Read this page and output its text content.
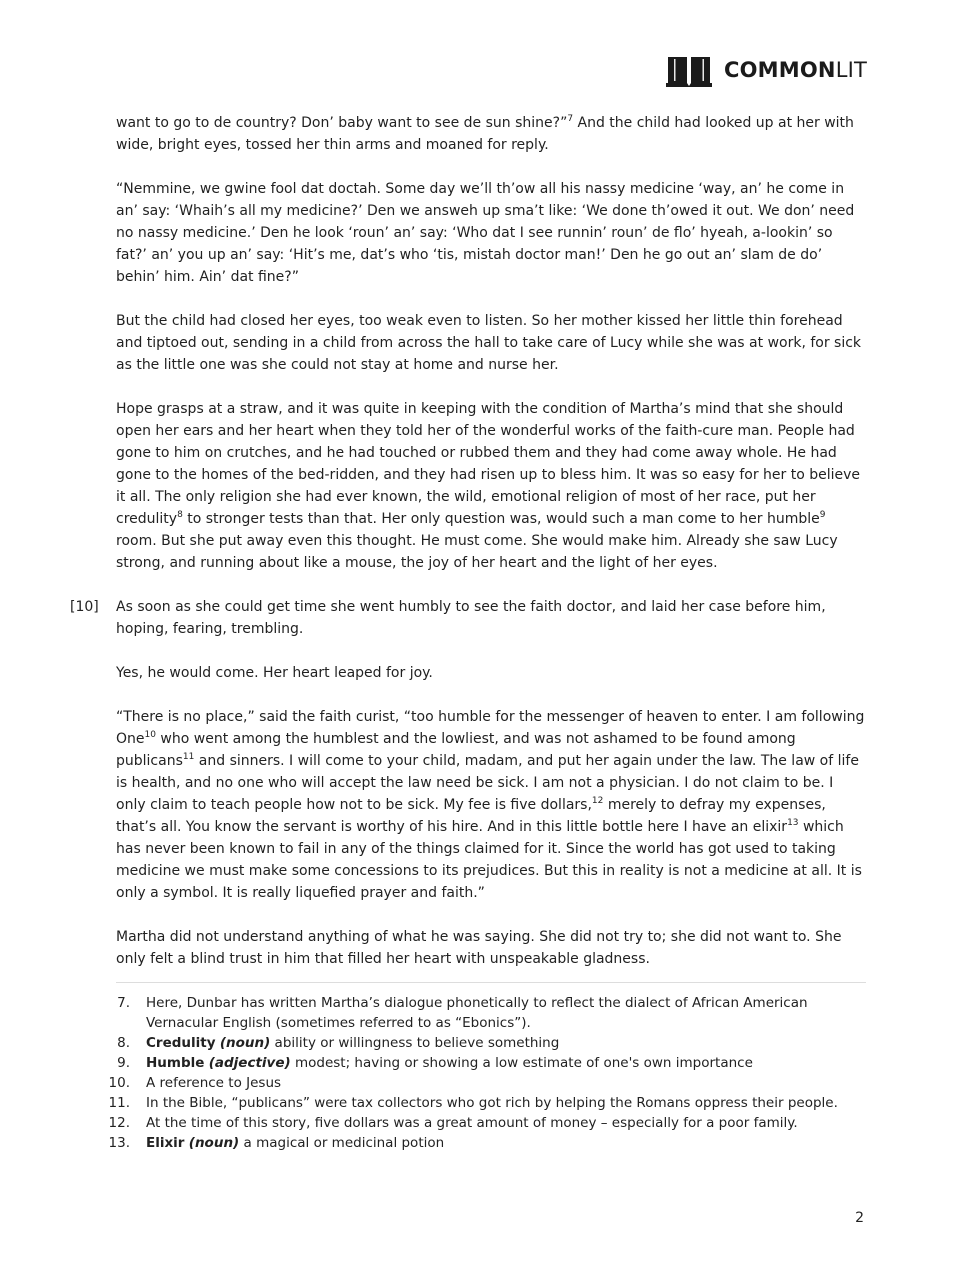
COMMONLIT

want to go to de country? Don’ baby want to see de sun shine?”$^7$ And the child had looked up at her with wide, bright eyes, tossed her thin arms and moaned for reply.

“Nemmine, we gwine fool dat doctah. Some day we’ll th’ow all his nassy medicine ‘way, an’ he come in an’ say: ‘Whaih’s all my medicine?’ Den we answeh up sma’t like: ‘We done th’owed it out. We don’ need no nassy medicine.’ Den he look ‘roun’ an’ say: ‘Who dat I see runnin’ roun’ de flo’ hyeah, a-lookin’ so fat?’ an’ you up an’ say: ‘Hit’s me, dat’s who ‘tis, mistah doctor man!’ Den he go out an’ slam de do’ behin’ him. Ain’ dat fine?”

But the child had closed her eyes, too weak even to listen. So her mother kissed her little thin forehead and tiptoed out, sending in a child from across the hall to take care of Lucy while she was at work, for sick as the little one was she could not stay at home and nurse her.

Hope grasps at a straw, and it was quite in keeping with the condition of Martha’s mind that she should open her ears and her heart when they told her of the wonderful works of the faith-cure man. People had gone to him on crutches, and he had touched or rubbed them and they had come away whole. He had gone to the homes of the bed-ridden, and they had risen up to bless him. It was so easy for her to believe it all. The only religion she had ever known, the wild, emotional religion of most of her race, put her credulity$^8$ to stronger tests than that. Her only question was, would such a man come to her humble$^9$ room. But she put away even this thought. He must come. She would make him. Already she saw Lucy strong, and running about like a mouse, the joy of her heart and the light of her eyes.

[10] As soon as she could get time she went humbly to see the faith doctor, and laid her case before him, hoping, fearing, trembling.

Yes, he would come. Her heart leaped for joy.

“There is no place,” said the faith curist, “too humble for the messenger of heaven to enter. I am following One$^{10}$ who went among the humblest and the lowliest, and was not ashamed to be found among publicans$^{11}$ and sinners. I will come to your child, madam, and put her again under the law. The law of life is health, and no one who will accept the law need be sick. I am not a physician. I do not claim to be. I only claim to teach people how not to be sick. My fee is five dollars,$^{12}$ merely to defray my expenses, that’s all. You know the servant is worthy of his hire. And in this little bottle here I have an elixir$^{13}$ which has never been known to fail in any of the things claimed for it. Since the world has got used to taking medicine we must make some concessions to its prejudices. But this in reality is not a medicine at all. It is only a symbol. It is really liquefied prayer and faith.”

Martha did not understand anything of what he was saying. She did not try to; she did not want to. She only felt a blind trust in him that filled her heart with unspeakable gladness.

7. Here, Dunbar has written Martha’s dialogue phonetically to reflect the dialect of African American Vernacular English (sometimes referred to as “Ebonics”).
8. Credulity (noun) ability or willingness to believe something
9. Humble (adjective) modest; having or showing a low estimate of one's own importance
10. A reference to Jesus
11. In the Bible, “publicans” were tax collectors who got rich by helping the Romans oppress their people.
12. At the time of this story, five dollars was a great amount of money – especially for a poor family.
13. Elixir (noun) a magical or medicinal potion
2
